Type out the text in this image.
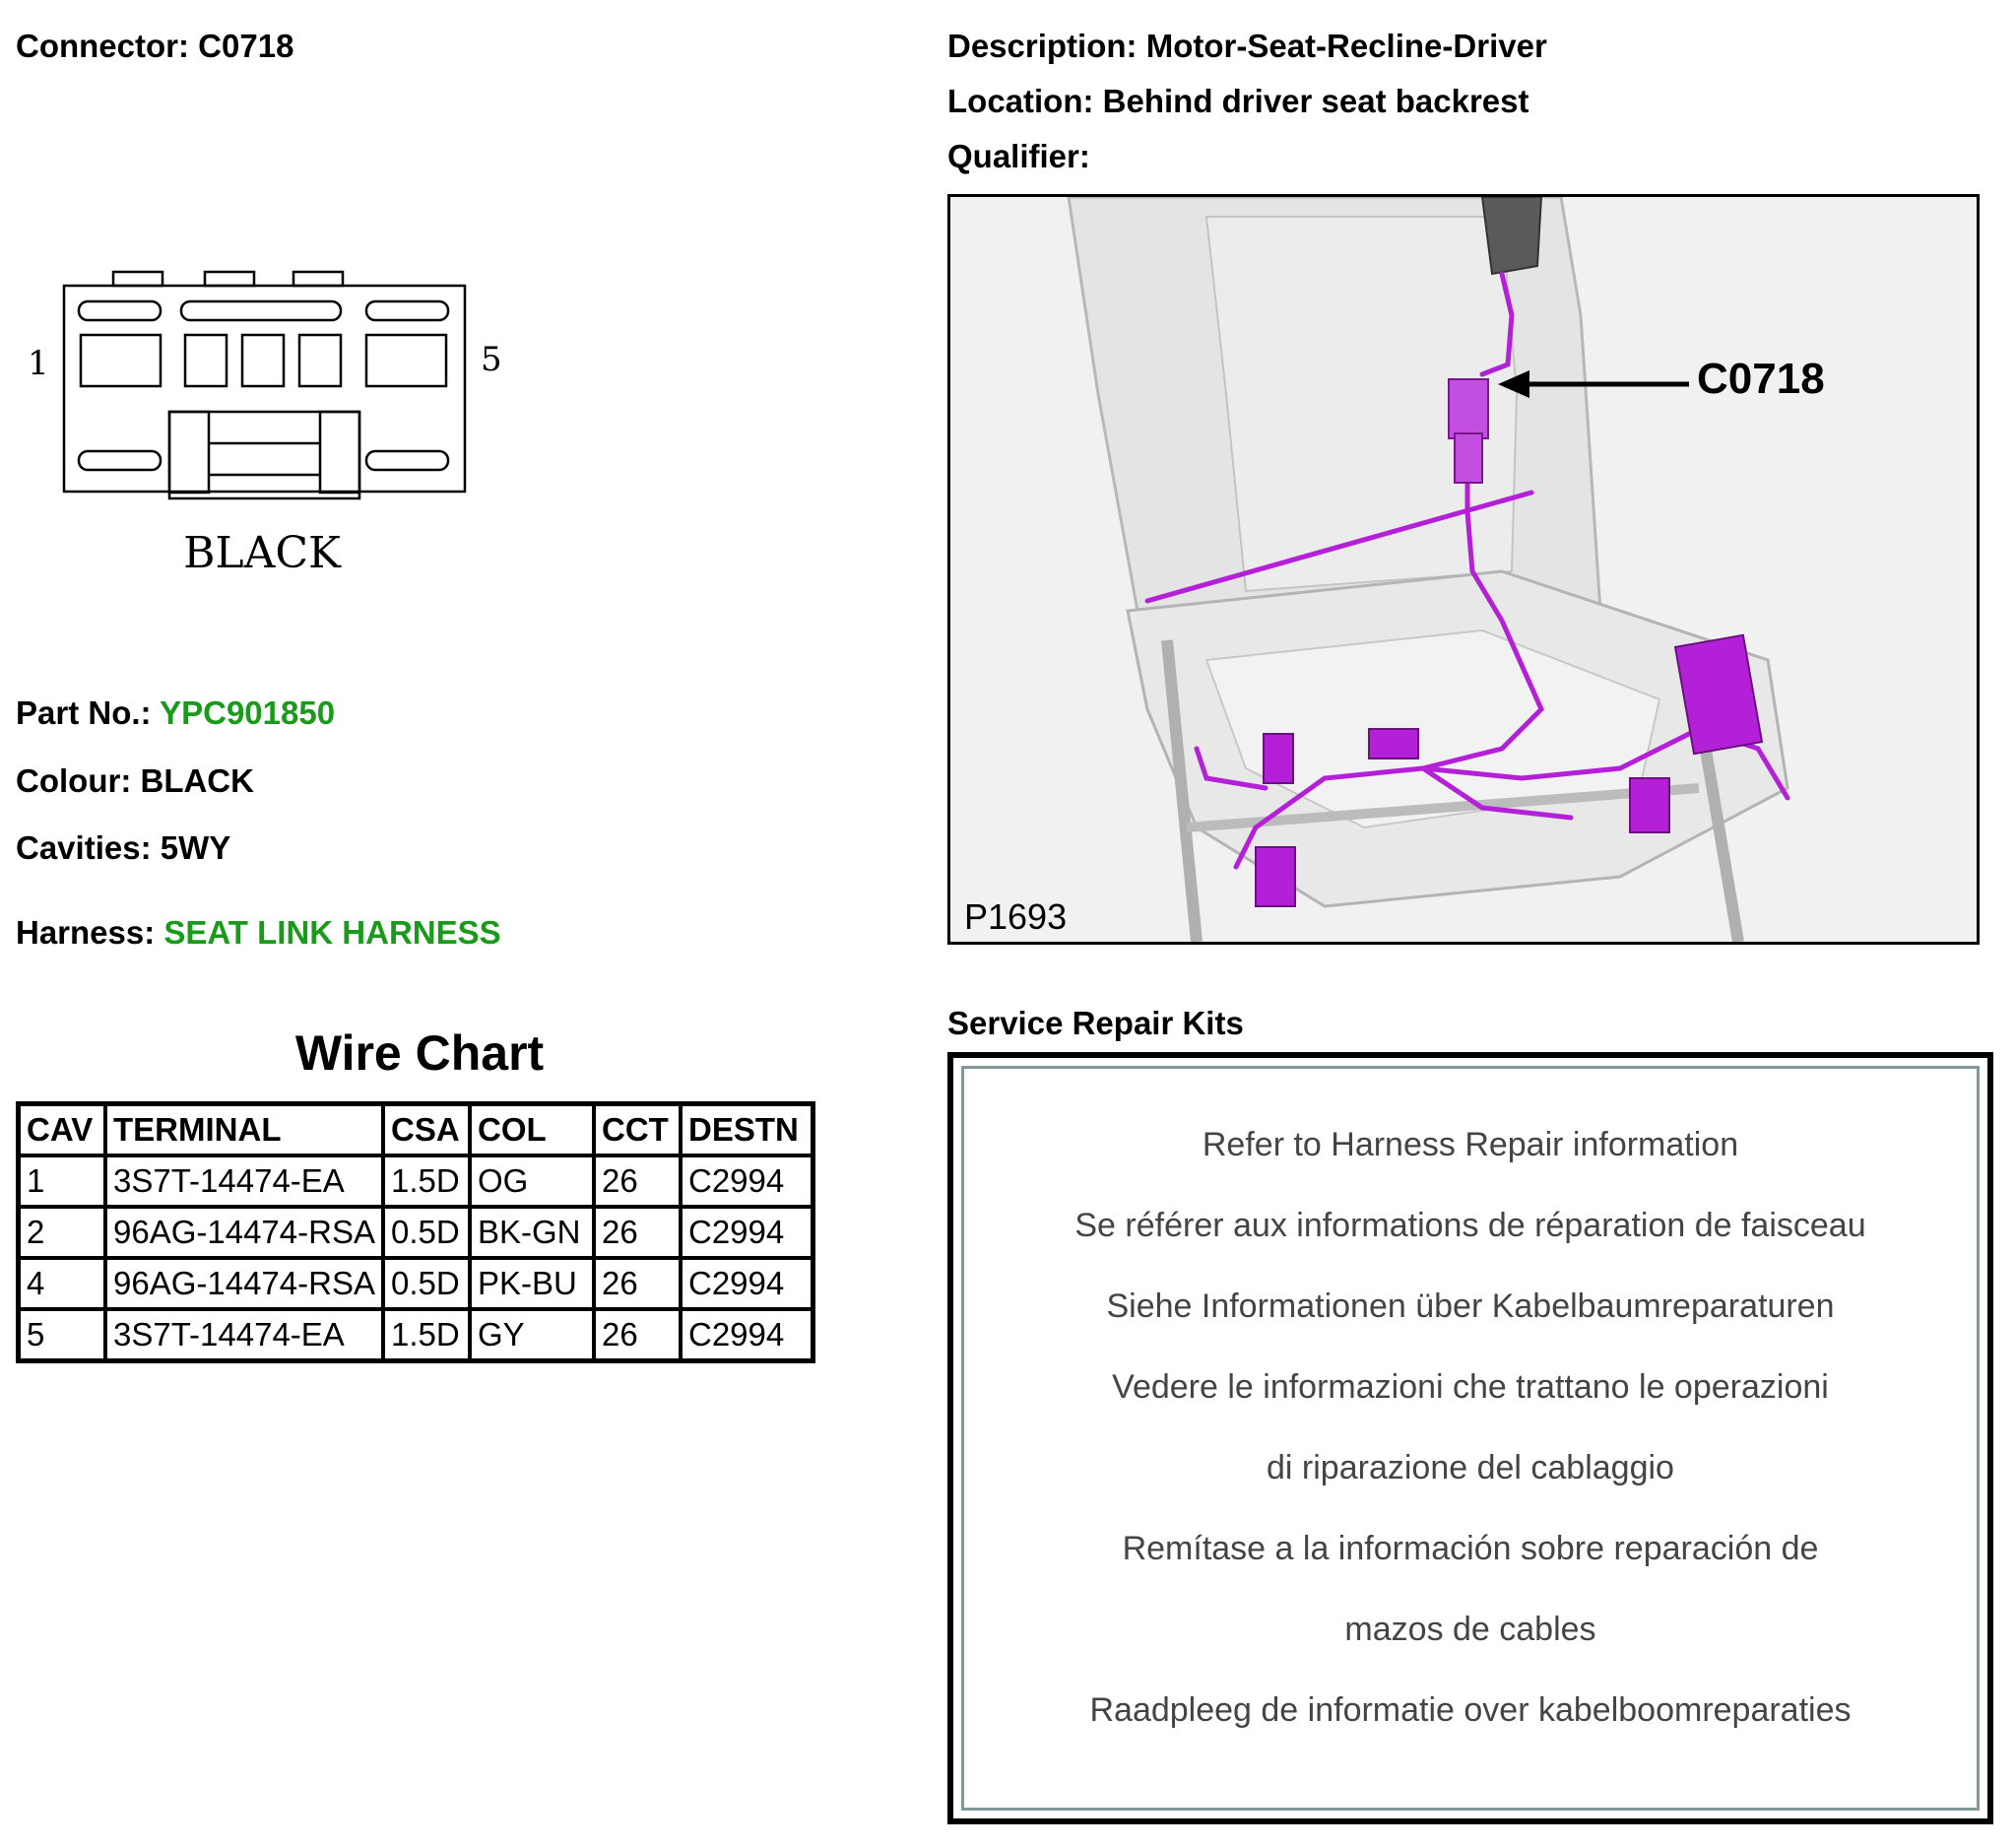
Connector: C0718
1	5
BLACK
Part No.: YPC901850
Colour: BLACK
Cavities: 5WY
Harness: SEAT LINK HARNESS
Wire Chart
CAV	TERMINAL	CSA	COL	CCT	DESTN
1	3S7T-14474-EA	1.5D	OG	26	C2994
2	96AG-14474-RSA	0.5D	BK-GN	26	C2994
4	96AG-14474-RSA	0.5D	PK-BU	26	C2994
5	3S7T-14474-EA	1.5D	GY	26	C2994
Description: Motor-Seat-Recline-Driver
Location: Behind driver seat backrest
Qualifier:
C0718
P1693
Service Repair Kits
Refer to Harness Repair information
Se référer aux informations de réparation de faisceau
Siehe Informationen über Kabelbaumreparaturen
Vedere le informazioni che trattano le operazioni
di riparazione del cablaggio
Remítase a la información sobre reparación de
mazos de cables
Raadpleeg de informatie over kabelboomreparaties
